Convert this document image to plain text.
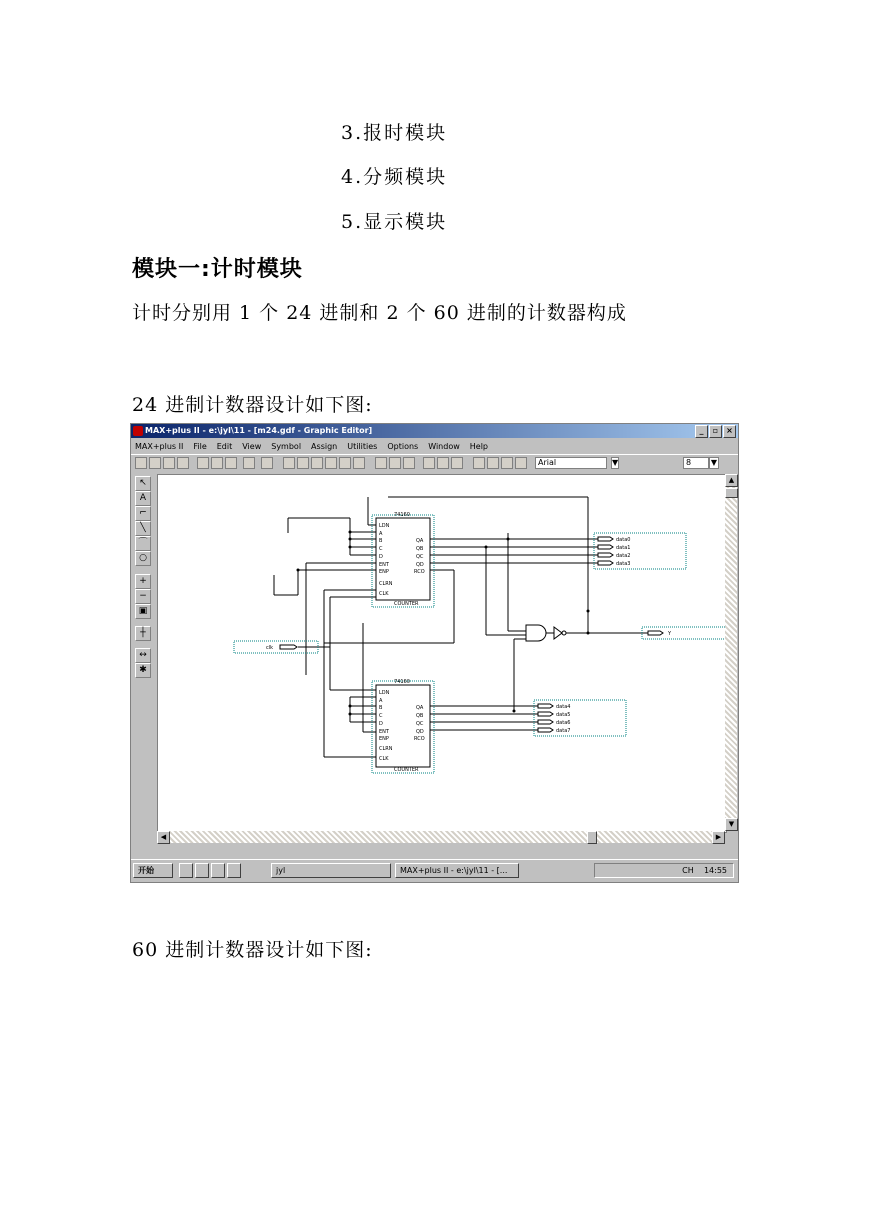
3.报时模块
4.分频模块
5.显示模块
模块一:计时模块
计时分别用 1 个 24 进制和 2 个 60 进制的计数器构成
24 进制计数器设计如下图:
MAX+plus II - e:\jyl\11 - [m24.gdf - Graphic Editor]	_	▫ ×
MAX+plus II File Edit View Symbol Assign Utilities Options Window Help
Arial	▼	8	▼
↖
A
⌐
╲
⌒
○
+
−
▣
┼
↔
✱
74160
COUNTER
74160
COUNTER
LDN
A
B
C
D
ENT
ENP
CLRN
CLK
QA
QB
QC
QD
RCO
LDN
A
B
C
D
ENT
ENP
CLRN
CLK
QA
QB
QC
QD
RCO
data0
data1
data2
data3
data4
data5
data6
data7
Y
clk
▲
▼
◀	▶
开始	jyl	MAX+plus II - e:\jyl\11 - [...	CH 14:55
60 进制计数器设计如下图:
